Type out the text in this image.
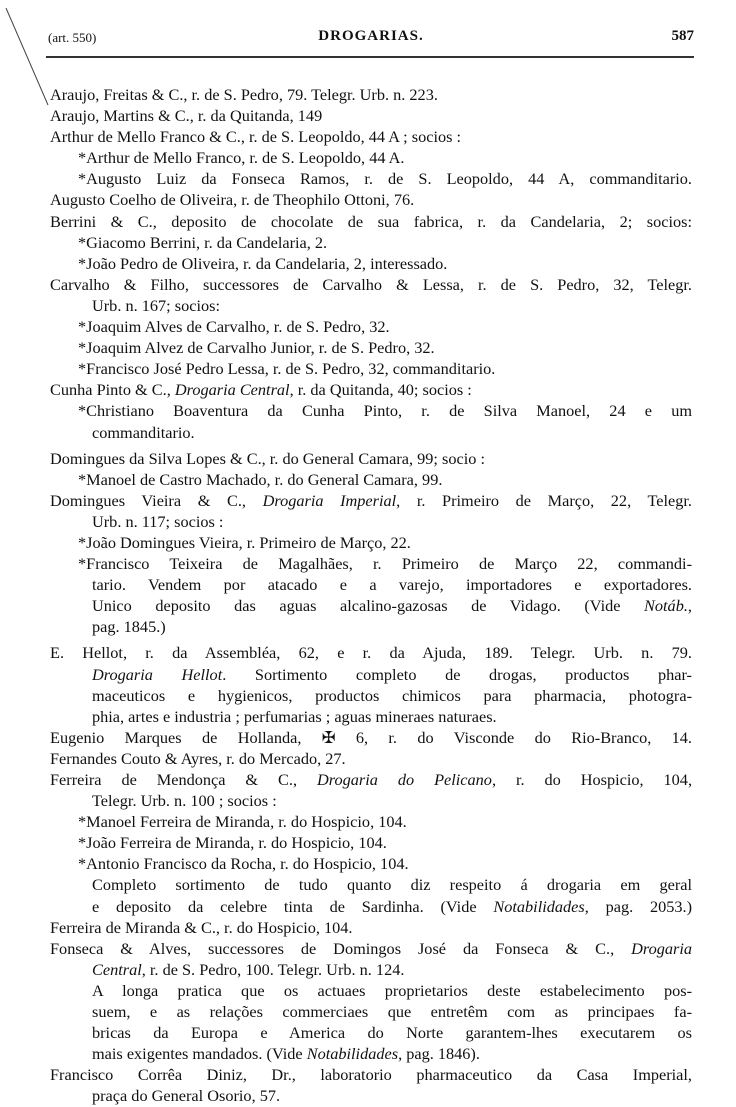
(art. 550)	DROGARIAS.	587
Araujo, Freitas & C., r. de S. Pedro, 79. Telegr. Urb. n. 223.
Araujo, Martins & C., r. da Quitanda, 149
Arthur de Mello Franco & C., r. de S. Leopoldo, 44 A ; socios :
*Arthur de Mello Franco, r. de S. Leopoldo, 44 A.
*Augusto Luiz da Fonseca Ramos, r. de S. Leopoldo, 44 A, commanditario.
Augusto Coelho de Oliveira, r. de Theophilo Ottoni, 76.
Berrini & C., deposito de chocolate de sua fabrica, r. da Candelaria, 2; socios:
*Giacomo Berrini, r. da Candelaria, 2.
*João Pedro de Oliveira, r. da Candelaria, 2, interessado.
Carvalho & Filho, successores de Carvalho & Lessa, r. de S. Pedro, 32, Telegr.
Urb. n. 167; socios:
*Joaquim Alves de Carvalho, r. de S. Pedro, 32.
*Joaquim Alvez de Carvalho Junior, r. de S. Pedro, 32.
*Francisco José Pedro Lessa, r. de S. Pedro, 32, commanditario.
Cunha Pinto & C., Drogaria Central, r. da Quitanda, 40; socios :
*Christiano Boaventura da Cunha Pinto, r. de Silva Manoel, 24 e um
commanditario.
Domingues da Silva Lopes & C., r. do General Camara, 99; socio :
*Manoel de Castro Machado, r. do General Camara, 99.
Domingues Vieira & C., Drogaria Imperial, r. Primeiro de Março, 22, Telegr.
Urb. n. 117; socios :
*João Domingues Vieira, r. Primeiro de Março, 22.
*Francisco Teixeira de Magalhães, r. Primeiro de Março 22, commandi-
tario. Vendem por atacado e a varejo, importadores e exportadores.
Unico deposito das aguas alcalino-gazosas de Vidago. (Vide Notáb.,
pag. 1845.)
E. Hellot, r. da Assembléa, 62, e r. da Ajuda, 189. Telegr. Urb. n. 79.
Drogaria Hellot. Sortimento completo de drogas, productos phar-
maceuticos e hygienicos, productos chimicos para pharmacia, photogra-
phia, artes e industria ; perfumarias ; aguas mineraes naturaes.
Eugenio Marques de Hollanda, ✠ 6, r. do Visconde do Rio-Branco, 14.
Fernandes Couto & Ayres, r. do Mercado, 27.
Ferreira de Mendonça & C., Drogaria do Pelicano, r. do Hospicio, 104,
Telegr. Urb. n. 100 ; socios :
*Manoel Ferreira de Miranda, r. do Hospicio, 104.
*João Ferreira de Miranda, r. do Hospicio, 104.
*Antonio Francisco da Rocha, r. do Hospicio, 104.
Completo sortimento de tudo quanto diz respeito á drogaria em geral
e deposito da celebre tinta de Sardinha. (Vide Notabilidades, pag. 2053.)
Ferreira de Miranda & C., r. do Hospicio, 104.
Fonseca & Alves, successores de Domingos José da Fonseca & C., Drogaria
Central, r. de S. Pedro, 100. Telegr. Urb. n. 124.
A longa pratica que os actuaes proprietarios deste estabelecimento pos-
suem, e as relações commerciaes que entretêm com as principaes fa-
bricas da Europa e America do Norte garantem-lhes executarem os
mais exigentes mandados. (Vide Notabilidades, pag. 1846).
Francisco Corrêa Diniz, Dr., laboratorio pharmaceutico da Casa Imperial,
praça do General Osorio, 57.
